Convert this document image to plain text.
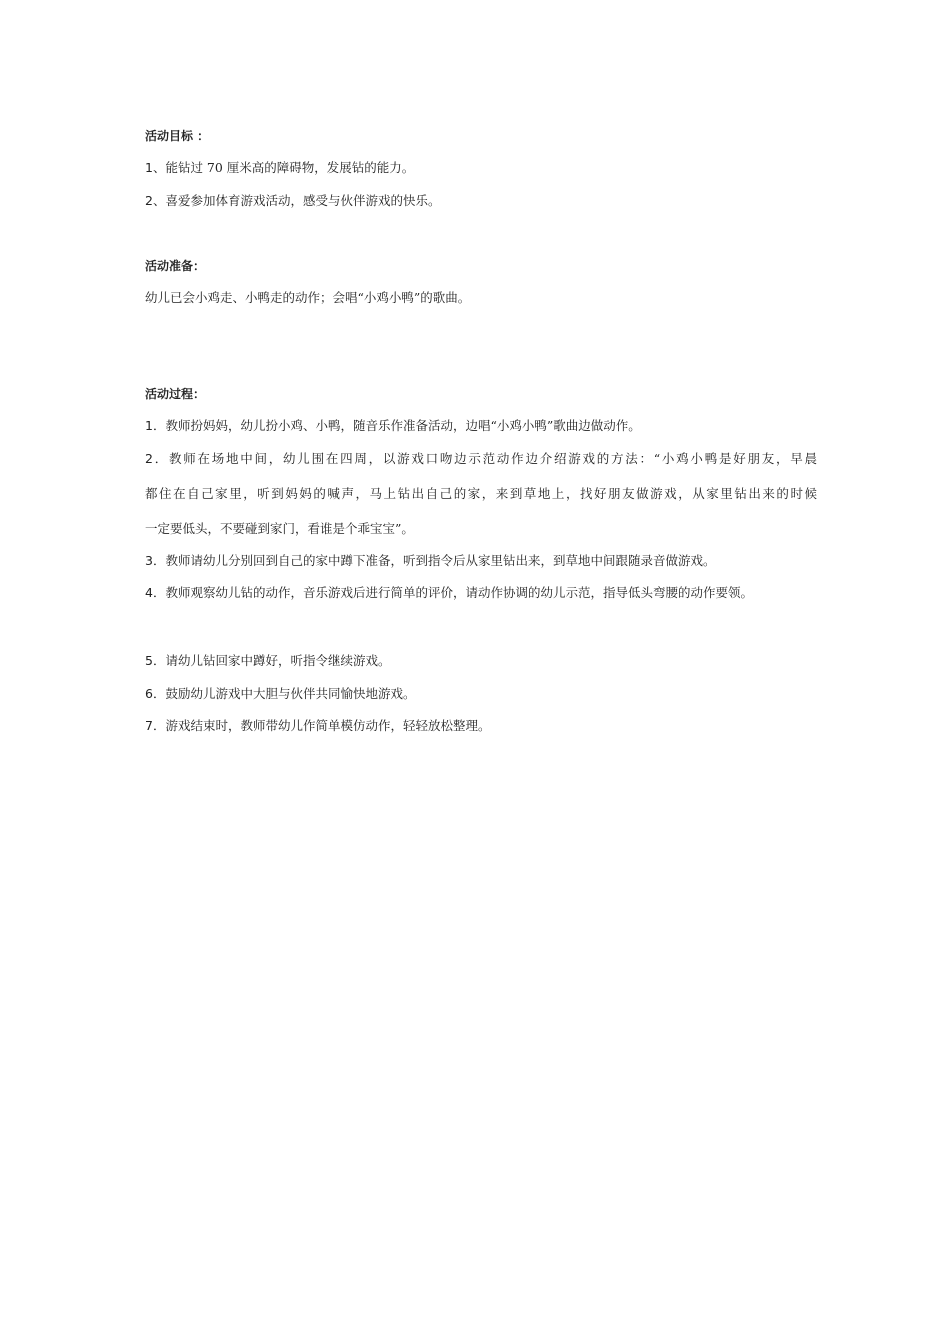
活动目标 ：
1、能钻过 70 厘米高的障碍物，发展钻的能力。
2、喜爱参加体育游戏活动，感受与伙伴游戏的快乐。
活动准备：
幼儿已会小鸡走、小鸭走的动作；会唱“小鸡小鸭”的歌曲。
活动过程：
1．教师扮妈妈，幼儿扮小鸡、小鸭，随音乐作准备活动，边唱“小鸡小鸭”歌曲边做动作。
2．教师在场地中间，幼儿围在四周，以游戏口吻边示范动作边介绍游戏的方法：“小鸡小鸭是好朋友，早晨
都住在自己家里，听到妈妈的喊声，马上钻出自己的家，来到草地上，找好朋友做游戏，从家里钻出来的时候
一定要低头，不要碰到家门，看谁是个乖宝宝”。
3．教师请幼儿分别回到自己的家中蹲下准备，听到指令后从家里钻出来，到草地中间跟随录音做游戏。
4．教师观察幼儿钻的动作，音乐游戏后进行简单的评价，请动作协调的幼儿示范，指导低头弯腰的动作要领。
5．请幼儿钻回家中蹲好，听指令继续游戏。
6．鼓励幼儿游戏中大胆与伙伴共同愉快地游戏。
7．游戏结束时，教师带幼儿作简单模仿动作，轻轻放松整理。
